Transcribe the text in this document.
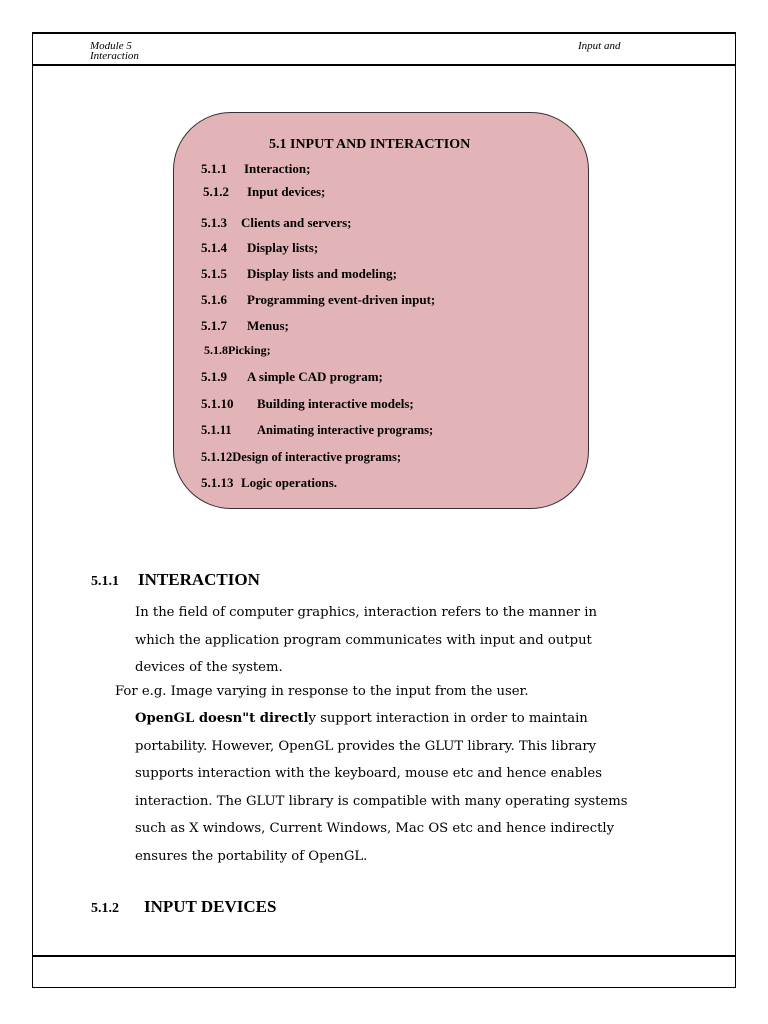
Module 5
Interaction
Input and
5.1 INPUT AND INTERACTION
5.1.1 Interaction;
5.1.2 Input devices;
5.1.3 Clients and servers;
5.1.4 Display lists;
5.1.5 Display lists and modeling;
5.1.6 Programming event-driven input;
5.1.7 Menus;
5.1.8Picking;
5.1.9 A simple CAD program;
5.1.10 Building interactive models;
5.1.11 Animating interactive programs;
5.1.12Design of interactive programs;
5.1.13 Logic operations.
5.1.1 INTERACTION
In the field of computer graphics, interaction refers to the manner in
which the application program communicates with input and output
devices of the system.
For e.g. Image varying in response to the input from the user.
OpenGL doesn"t directly support interaction in order to maintain
portability. However, OpenGL provides the GLUT library. This library
supports interaction with the keyboard, mouse etc and hence enables
interaction. The GLUT library is compatible with many operating systems
such as X windows, Current Windows, Mac OS etc and hence indirectly
ensures the portability of OpenGL.
5.1.2 INPUT DEVICES
